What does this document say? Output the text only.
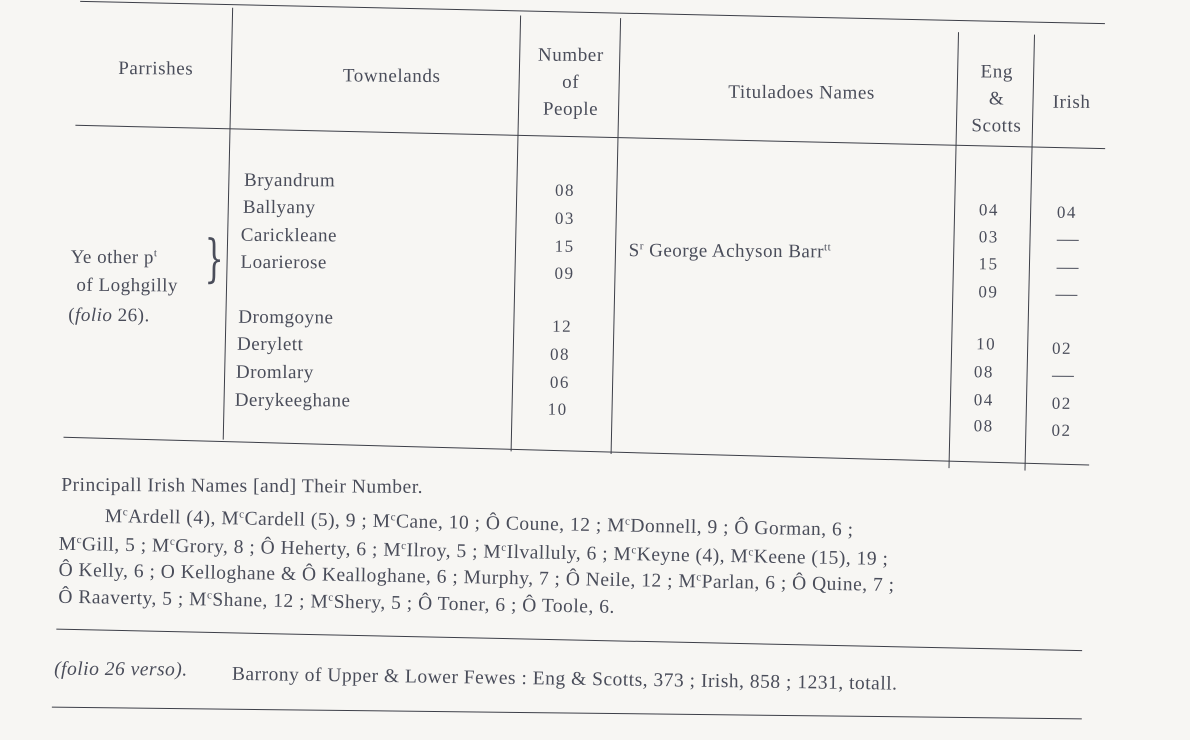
Parrishes	Townelands
Number
of
People
Tituladoes Names
Eng
&
Scotts
Irish
Ye other $p^t$
of Loghgilly
(folio 26).
}
Bryandrum
Ballyany
Carickleane
Loarierose
Dromgoyne
Derylett
Dromlary
Derykeeghane
08
03
15
09
12
08
06
10
$S^r$ George Achyson Barr$^{tt}$
04
03
15
09
10
08
04
08
04
02
02
02
Principall Irish Names [and] Their Number.
$M^cArdell$ (4), $M^cCardell$ (5), 9 ; $M^cCane$, 10 ; Ô Coune, 12 ; $M^cDonnell$, 9 ; Ô Gorman, 6 ;
$M^cGill$, 5 ; $M^cGrory$, 8 ; Ô Heherty, 6 ; $M^cIlroy$, 5 ; $M^cIlvalluly$, 6 ; $M^cKeyne$ (4), $M^cKeene$ (15), 19 ;
Ô Kelly, 6 ; O Kelloghane & Ô Kealloghane, 6 ; Murphy, 7 ; Ô Neile, 12 ; $M^cParlan$, 6 ; Ô Quine, 7 ;
Ô Raaverty, 5 ; $M^cShane$, 12 ; $M^cShery$, 5 ; Ô Toner, 6 ; Ô Toole, 6.
(folio 26 verso). Barrony of Upper & Lower Fewes : Eng & Scotts, 373 ; Irish, 858 ; 1231, totall.
